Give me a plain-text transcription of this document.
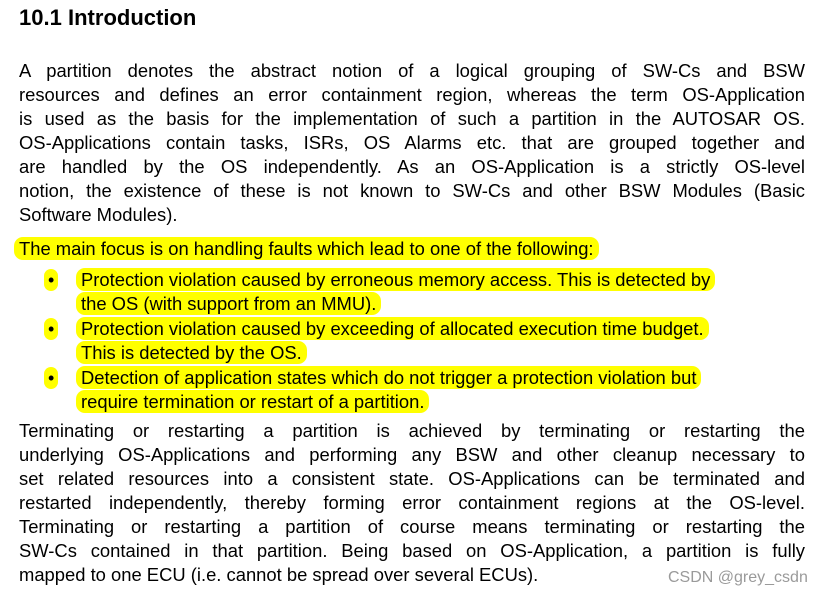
10.1 Introduction
A partition denotes the abstract notion of a logical grouping of SW-Cs and BSW
resources and defines an error containment region, whereas the term OS-Application
is used as the basis for the implementation of such a partition in the AUTOSAR OS.
OS-Applications contain tasks, ISRs, OS Alarms etc. that are grouped together and
are handled by the OS independently. As an OS-Application is a strictly OS-level
notion, the existence of these is not known to SW-Cs and other BSW Modules (Basic
Software Modules).
The main focus is on handling faults which lead to one of the following:
• Protection violation caused by erroneous memory access. This is detected by
the OS (with support from an MMU).
• Protection violation caused by exceeding of allocated execution time budget.
This is detected by the OS.
• Detection of application states which do not trigger a protection violation but
require termination or restart of a partition.
Terminating or restarting a partition is achieved by terminating or restarting the
underlying OS-Applications and performing any BSW and other cleanup necessary to
set related resources into a consistent state. OS-Applications can be terminated and
restarted independently, thereby forming error containment regions at the OS-level.
Terminating or restarting a partition of course means terminating or restarting the
SW-Cs contained in that partition. Being based on OS-Application, a partition is fully
mapped to one ECU (i.e. cannot be spread over several ECUs).	CSDN @grey_csdn
